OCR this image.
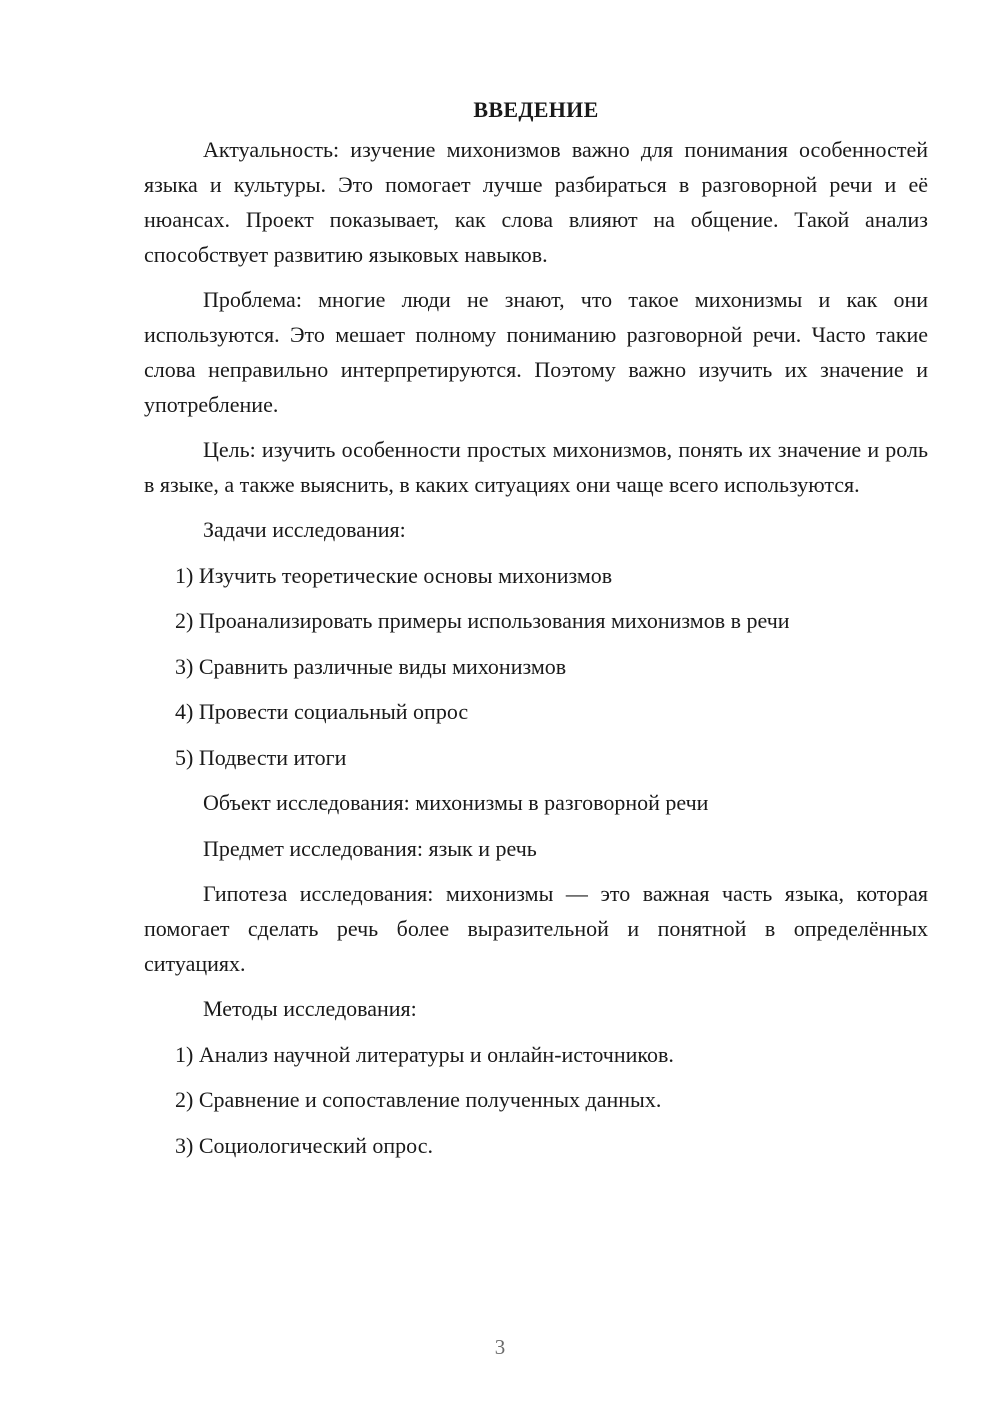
ВВЕДЕНИЕ

Актуальность: изучение михонизмов важно для понимания особенностей языка и культуры. Это помогает лучше разбираться в разговорной речи и её нюансах. Проект показывает, как слова влияют на общение. Такой анализ способствует развитию языковых навыков.

Проблема: многие люди не знают, что такое михонизмы и как они используются. Это мешает полному пониманию разговорной речи. Часто такие слова неправильно интерпретируются. Поэтому важно изучить их значение и употребление.

Цель: изучить особенности простых михонизмов, понять их значение и роль в языке, а также выяснить, в каких ситуациях они чаще всего используются.

Задачи исследования:
1) Изучить теоретические основы михонизмов
2) Проанализировать примеры использования михонизмов в речи
3) Сравнить различные виды михонизмов
4) Провести социальный опрос
5) Подвести итоги
Объект исследования: михонизмы в разговорной речи
Предмет исследования: язык и речь

Гипотеза исследования: михонизмы — это важная часть языка, которая помогает сделать речь более выразительной и понятной в определённых ситуациях.

Методы исследования:
1) Анализ научной литературы и онлайн-источников.
2) Сравнение и сопоставление полученных данных.
3) Социологический опрос.
3
